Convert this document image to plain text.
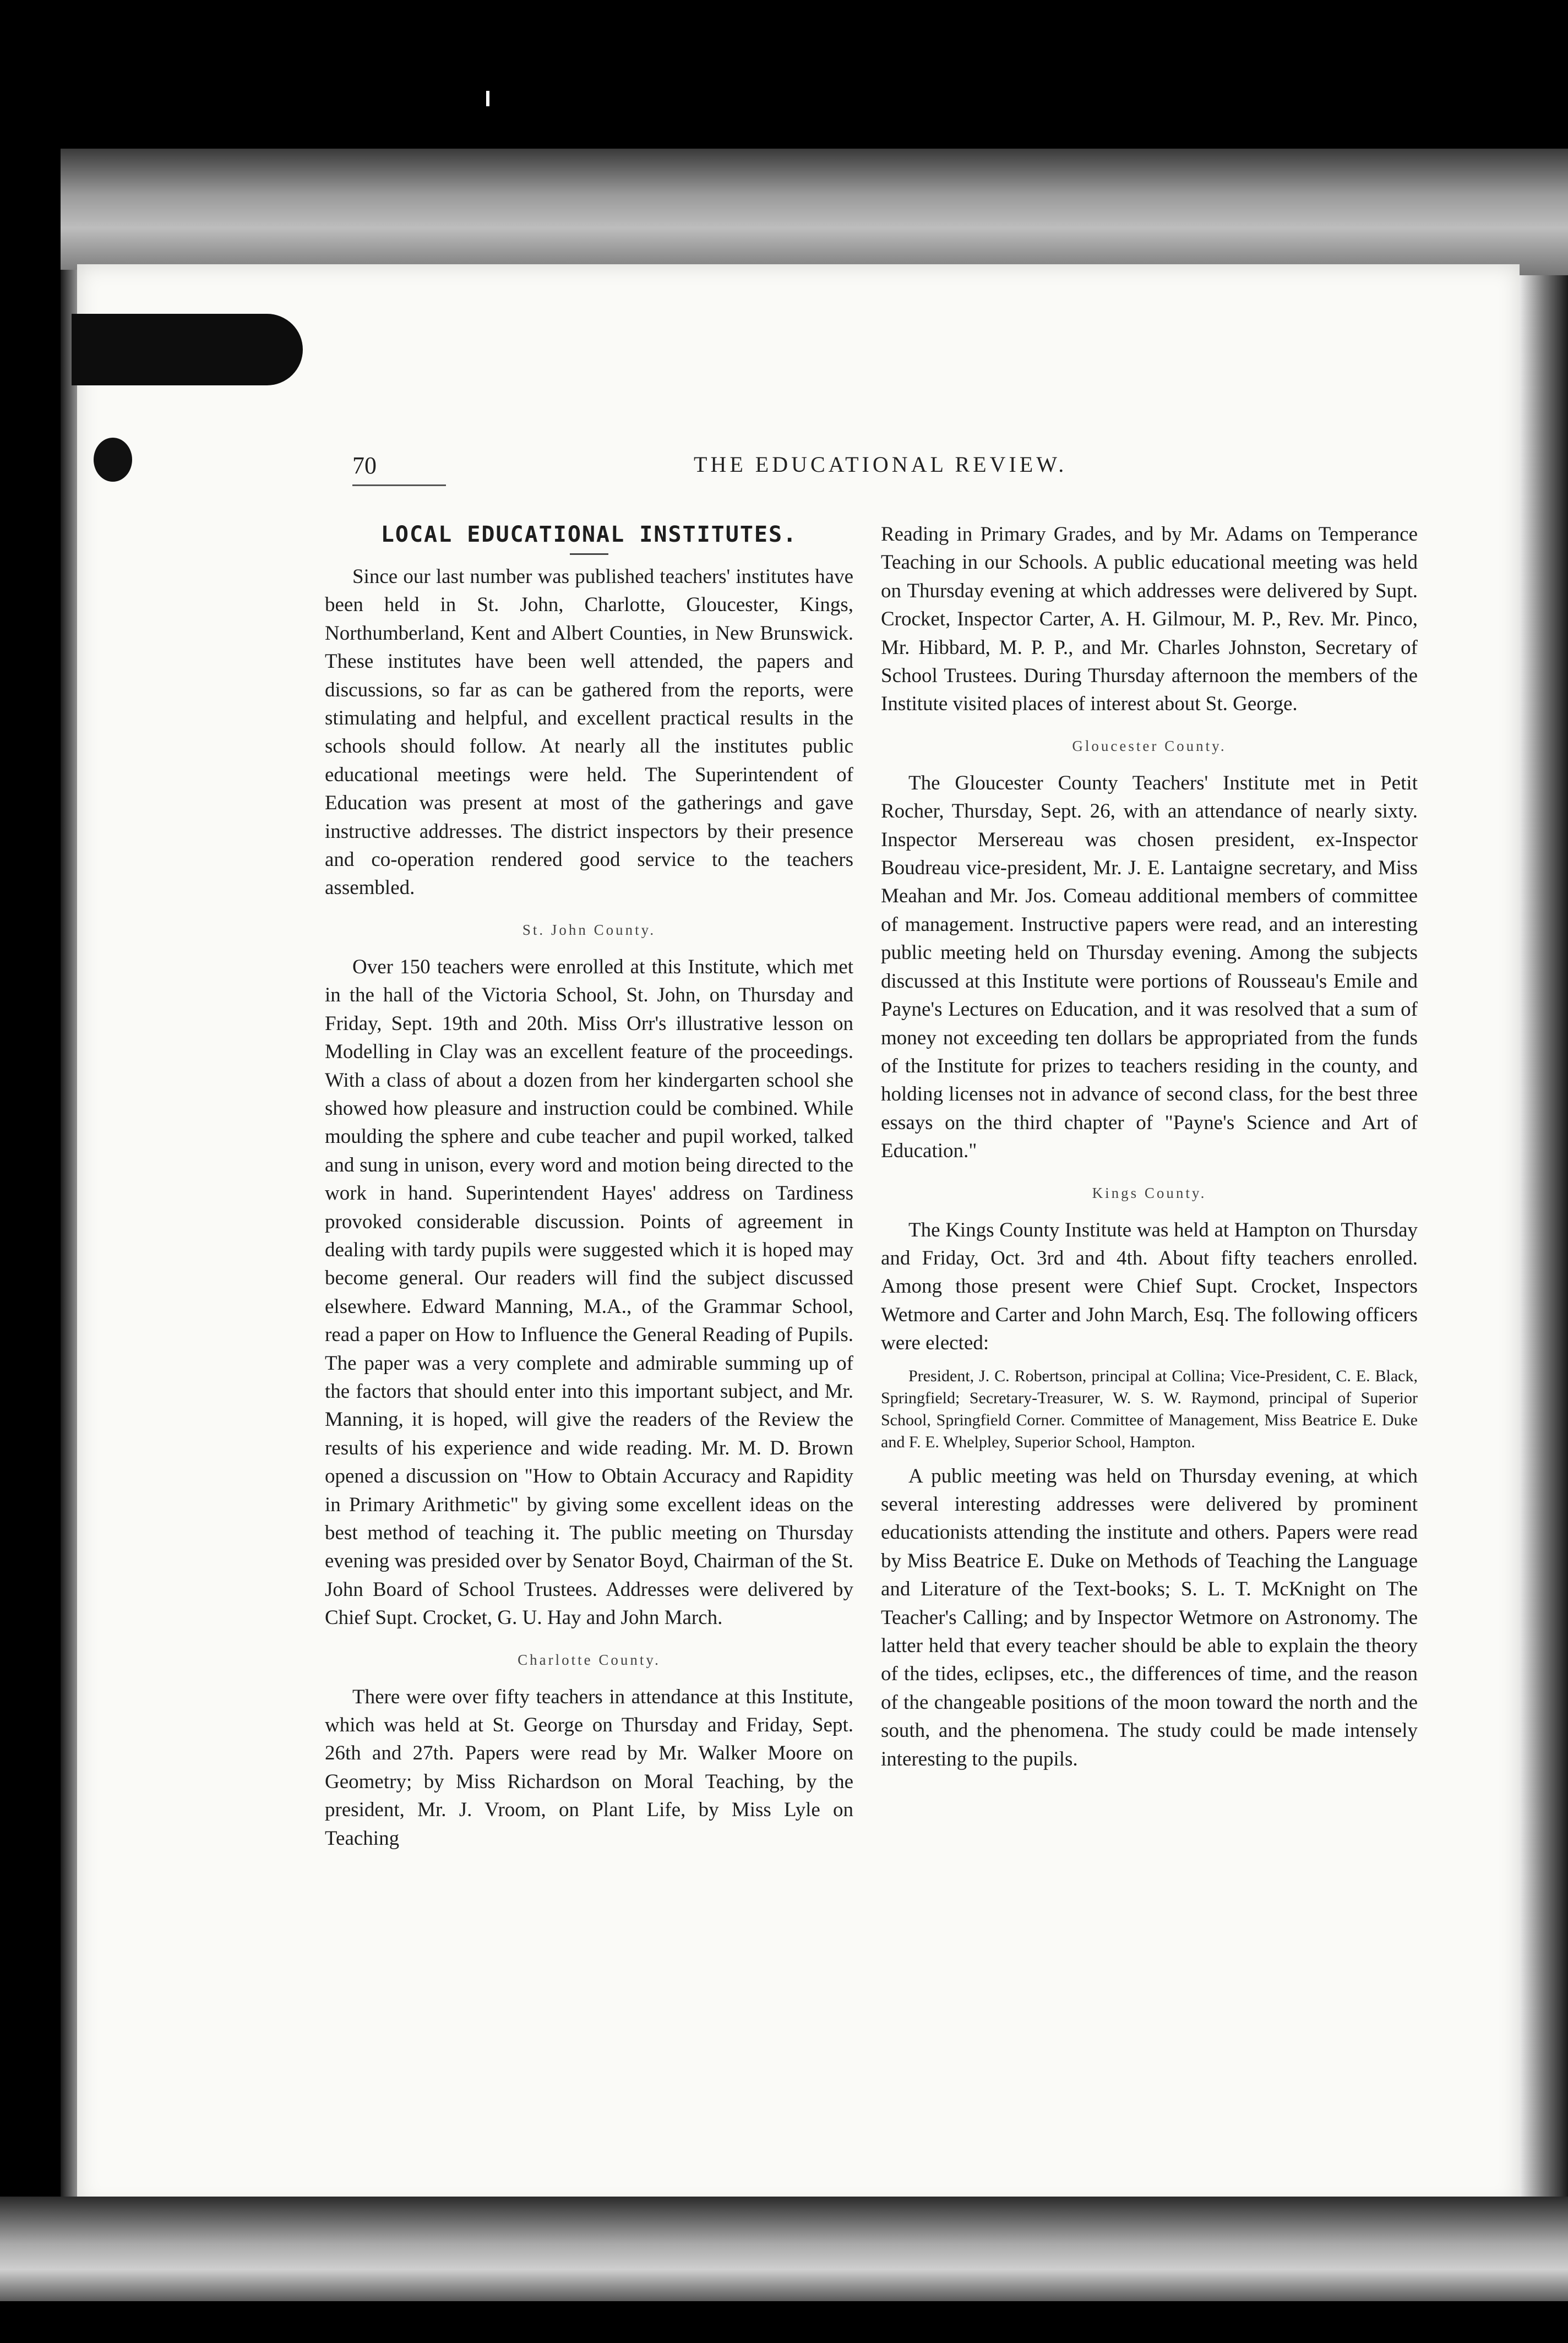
70	THE EDUCATIONAL REVIEW.
LOCAL EDUCATIONAL INSTITUTES.

Since our last number was published teachers' institutes have been held in St. John, Charlotte, Gloucester, Kings, Northumberland, Kent and Albert Counties, in New Brunswick. These institutes have been well attended, the papers and discussions, so far as can be gathered from the reports, were stimulating and helpful, and excellent practical results in the schools should follow. At nearly all the institutes public educational meetings were held. The Superintendent of Education was present at most of the gatherings and gave instructive addresses. The district inspectors by their presence and co-operation rendered good service to the teachers assembled.

St. John County.

Over 150 teachers were enrolled at this Institute, which met in the hall of the Victoria School, St. John, on Thursday and Friday, Sept. 19th and 20th. Miss Orr's illustrative lesson on Modelling in Clay was an excellent feature of the proceedings. With a class of about a dozen from her kindergarten school she showed how pleasure and instruction could be combined. While moulding the sphere and cube teacher and pupil worked, talked and sung in unison, every word and motion being directed to the work in hand. Superintendent Hayes' address on Tardiness provoked considerable discussion. Points of agreement in dealing with tardy pupils were suggested which it is hoped may become general. Our readers will find the subject discussed elsewhere. Edward Manning, M.A., of the Grammar School, read a paper on How to Influence the General Reading of Pupils. The paper was a very complete and admirable summing up of the factors that should enter into this important subject, and Mr. Manning, it is hoped, will give the readers of the Review the results of his experience and wide reading. Mr. M. D. Brown opened a discussion on "How to Obtain Accuracy and Rapidity in Primary Arithmetic" by giving some excellent ideas on the best method of teaching it. The public meeting on Thursday evening was presided over by Senator Boyd, Chairman of the St. John Board of School Trustees. Addresses were delivered by Chief Supt. Crocket, G. U. Hay and John March.

Charlotte County.

There were over fifty teachers in attendance at this Institute, which was held at St. George on Thursday and Friday, Sept. 26th and 27th. Papers were read by Mr. Walker Moore on Geometry; by Miss Richardson on Moral Teaching, by the president, Mr. J. Vroom, on Plant Life, by Miss Lyle on Teaching

Reading in Primary Grades, and by Mr. Adams on Temperance Teaching in our Schools. A public educational meeting was held on Thursday evening at which addresses were delivered by Supt. Crocket, Inspector Carter, A. H. Gilmour, M. P., Rev. Mr. Pinco, Mr. Hibbard, M. P. P., and Mr. Charles Johnston, Secretary of School Trustees. During Thursday afternoon the members of the Institute visited places of interest about St. George.

Gloucester County.

The Gloucester County Teachers' Institute met in Petit Rocher, Thursday, Sept. 26, with an attendance of nearly sixty. Inspector Mersereau was chosen president, ex-Inspector Boudreau vice-president, Mr. J. E. Lantaigne secretary, and Miss Meahan and Mr. Jos. Comeau additional members of committee of management. Instructive papers were read, and an interesting public meeting held on Thursday evening. Among the subjects discussed at this Institute were portions of Rousseau's Emile and Payne's Lectures on Education, and it was resolved that a sum of money not exceeding ten dollars be appropriated from the funds of the Institute for prizes to teachers residing in the county, and holding licenses not in advance of second class, for the best three essays on the third chapter of "Payne's Science and Art of Education."

Kings County.

The Kings County Institute was held at Hampton on Thursday and Friday, Oct. 3rd and 4th. About fifty teachers enrolled. Among those present were Chief Supt. Crocket, Inspectors Wetmore and Carter and John March, Esq. The following officers were elected:

President, J. C. Robertson, principal at Collina; Vice-President, C. E. Black, Springfield; Secretary-Treasurer, W. S. W. Raymond, principal of Superior School, Springfield Corner. Committee of Management, Miss Beatrice E. Duke and F. E. Whelpley, Superior School, Hampton.

A public meeting was held on Thursday evening, at which several interesting addresses were delivered by prominent educationists attending the institute and others. Papers were read by Miss Beatrice E. Duke on Methods of Teaching the Language and Literature of the Text-books; S. L. T. McKnight on The Teacher's Calling; and by Inspector Wetmore on Astronomy. The latter held that every teacher should be able to explain the theory of the tides, eclipses, etc., the differences of time, and the reason of the changeable positions of the moon toward the north and the south, and the phenomena. The study could be made intensely interesting to the pupils.
